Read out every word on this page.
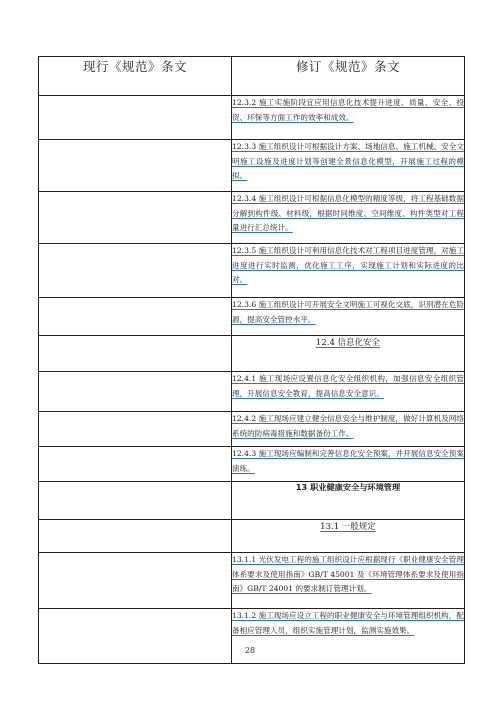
现行《规范》条文	修订《规范》条文
	12.3.2 施工实施阶段宜应用信息化技术提升进度、质量、安全、投资、环保等方面工作的效率和成效。
	12.3.3 施工组织设计可根据设计方案、场地信息、施工机械、安全文明施工设施及进度计划等创建全景信息化模型，开展施工过程的模拟。
	12.3.4 施工组织设计可根据信息化模型的精度等级，将工程基础数据分解到构件级、材料级，根据时间维度、空间维度、构件类型对工程量进行汇总统计。
	12.3.5 施工组织设计可利用信息化技术对工程项目进度管理，对施工进度进行实时监测，优化施工工序，实现施工计划和实际进度的比对。
	12.3.6 施工组织设计可开展安全文明施工可视化交底，识别潜在危险源，提高安全管控水平。
	12.4 信息化安全
	12.4.1 施工现场应设置信息化安全组织机构，加强信息安全组织管理，开展信息安全教育，提高信息安全意识。
	12.4.2 施工现场应建立健全信息安全与维护制度，做好计算机及网络系统的防病毒措施和数据备份工作。
	12.4.3 施工现场应编制和完善信息化安全预案，并开展信息安全预案演练。
	13 职业健康安全与环境管理
	13.1 一般规定
	13.1.1 光伏发电工程的施工组织设计应根据现行《职业健康安全管理体系要求及使用指南》GB/T 45001 及《环境管理体系要求及使用指南》GB/T 24001 的要求制订管理计划。
	13.1.2 施工现场应设立工程的职业健康安全与环境管理组织机构，配备相应管理人员，组织实施管理计划，监测实施效果。
28
